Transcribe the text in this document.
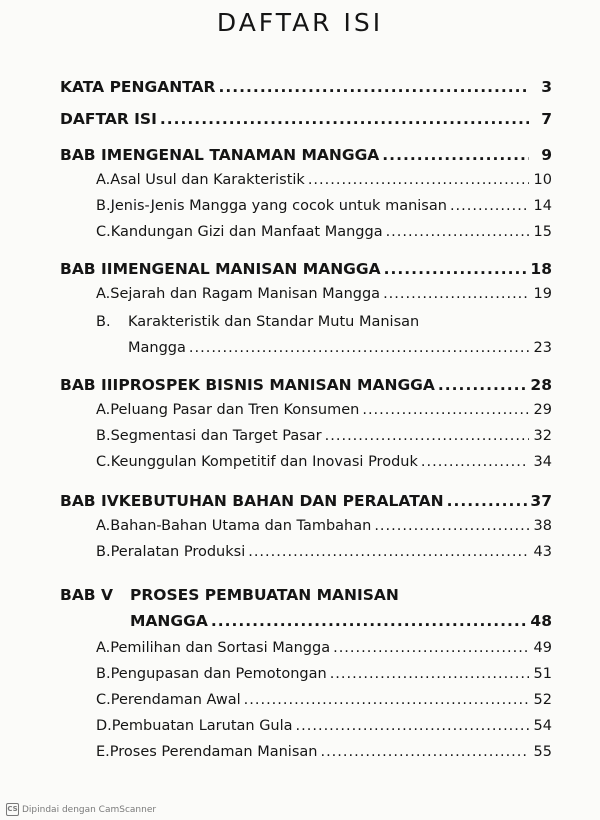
DAFTAR ISI
KATA PENGANTAR .....	3
DAFTAR ISI .....	7
BAB I MENGENAL TANAMAN MANGGA .....	9
A. Asal Usul dan Karakteristik .....	10
B. Jenis-Jenis Mangga yang cocok untuk manisan .....	14
C. Kandungan Gizi dan Manfaat Mangga .....	15
BAB II MENGENAL MANISAN MANGGA .....	18
A. Sejarah dan Ragam Manisan Mangga .....	19
B.	Karakteristik dan Standar Mutu Manisan
Mangga .....	23
BAB III PROSPEK BISNIS MANISAN MANGGA .....	28
A. Peluang Pasar dan Tren Konsumen .....	29
B. Segmentasi dan Target Pasar .....	32
C. Keunggulan Kompetitif dan Inovasi Produk .....	34
BAB IV KEBUTUHAN BAHAN DAN PERALATAN .....	37
A. Bahan-Bahan Utama dan Tambahan .....	38
B. Peralatan Produksi .....	43
BAB V	PROSES PEMBUATAN MANISAN
MANGGA .....	48
A. Pemilihan dan Sortasi Mangga .....	49
B. Pengupasan dan Pemotongan .....	51
C. Perendaman Awal .....	52
D. Pembuatan Larutan Gula .....	54
E. Proses Perendaman Manisan .....	55
CS Dipindai dengan CamScanner
